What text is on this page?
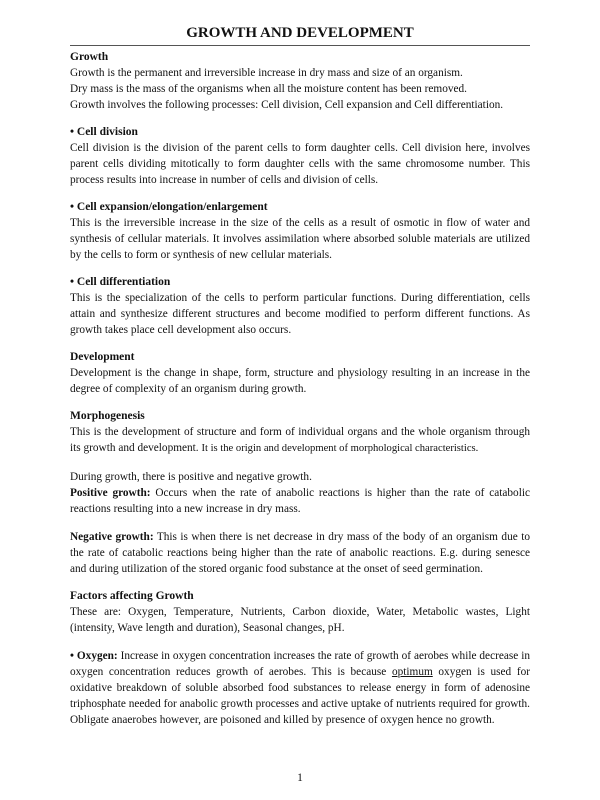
GROWTH AND DEVELOPMENT
Growth

Growth is the permanent and irreversible increase in dry mass and size of an organism.

Dry mass is the mass of the organisms when all the moisture content has been removed.

Growth involves the following processes: Cell division, Cell expansion and Cell differentiation.

• Cell division

Cell division is the division of the parent cells to form daughter cells. Cell division here, involves parent cells dividing mitotically to form daughter cells with the same chromosome number. This process results into increase in number of cells and division of cells.

• Cell expansion/elongation/enlargement

This is the irreversible increase in the size of the cells as a result of osmotic in flow of water and synthesis of cellular materials. It involves assimilation where absorbed soluble materials are utilized by the cells to form or synthesis of new cellular materials.

• Cell differentiation

This is the specialization of the cells to perform particular functions. During differentiation, cells attain and synthesize different structures and become modified to perform different functions. As growth takes place cell development also occurs.

Development

Development is the change in shape, form, structure and physiology resulting in an increase in the degree of complexity of an organism during growth.

Morphogenesis

This is the development of structure and form of individual organs and the whole organism through its growth and development. It is the origin and development of morphological characteristics.

During growth, there is positive and negative growth.

Positive growth: Occurs when the rate of anabolic reactions is higher than the rate of catabolic reactions resulting into a new increase in dry mass.

Negative growth: This is when there is net decrease in dry mass of the body of an organism due to the rate of catabolic reactions being higher than the rate of anabolic reactions. E.g. during senesce and during utilization of the stored organic food substance at the onset of seed germination.

Factors affecting Growth

These are: Oxygen, Temperature, Nutrients, Carbon dioxide, Water, Metabolic wastes, Light (intensity, Wave length and duration), Seasonal changes, pH.

• Oxygen: Increase in oxygen concentration increases the rate of growth of aerobes while decrease in oxygen concentration reduces growth of aerobes. This is because optimum oxygen is used for oxidative breakdown of soluble absorbed food substances to release energy in form of adenosine triphosphate needed for anabolic growth processes and active uptake of nutrients required for growth. Obligate anaerobes however, are poisoned and killed by presence of oxygen hence no growth.

1
